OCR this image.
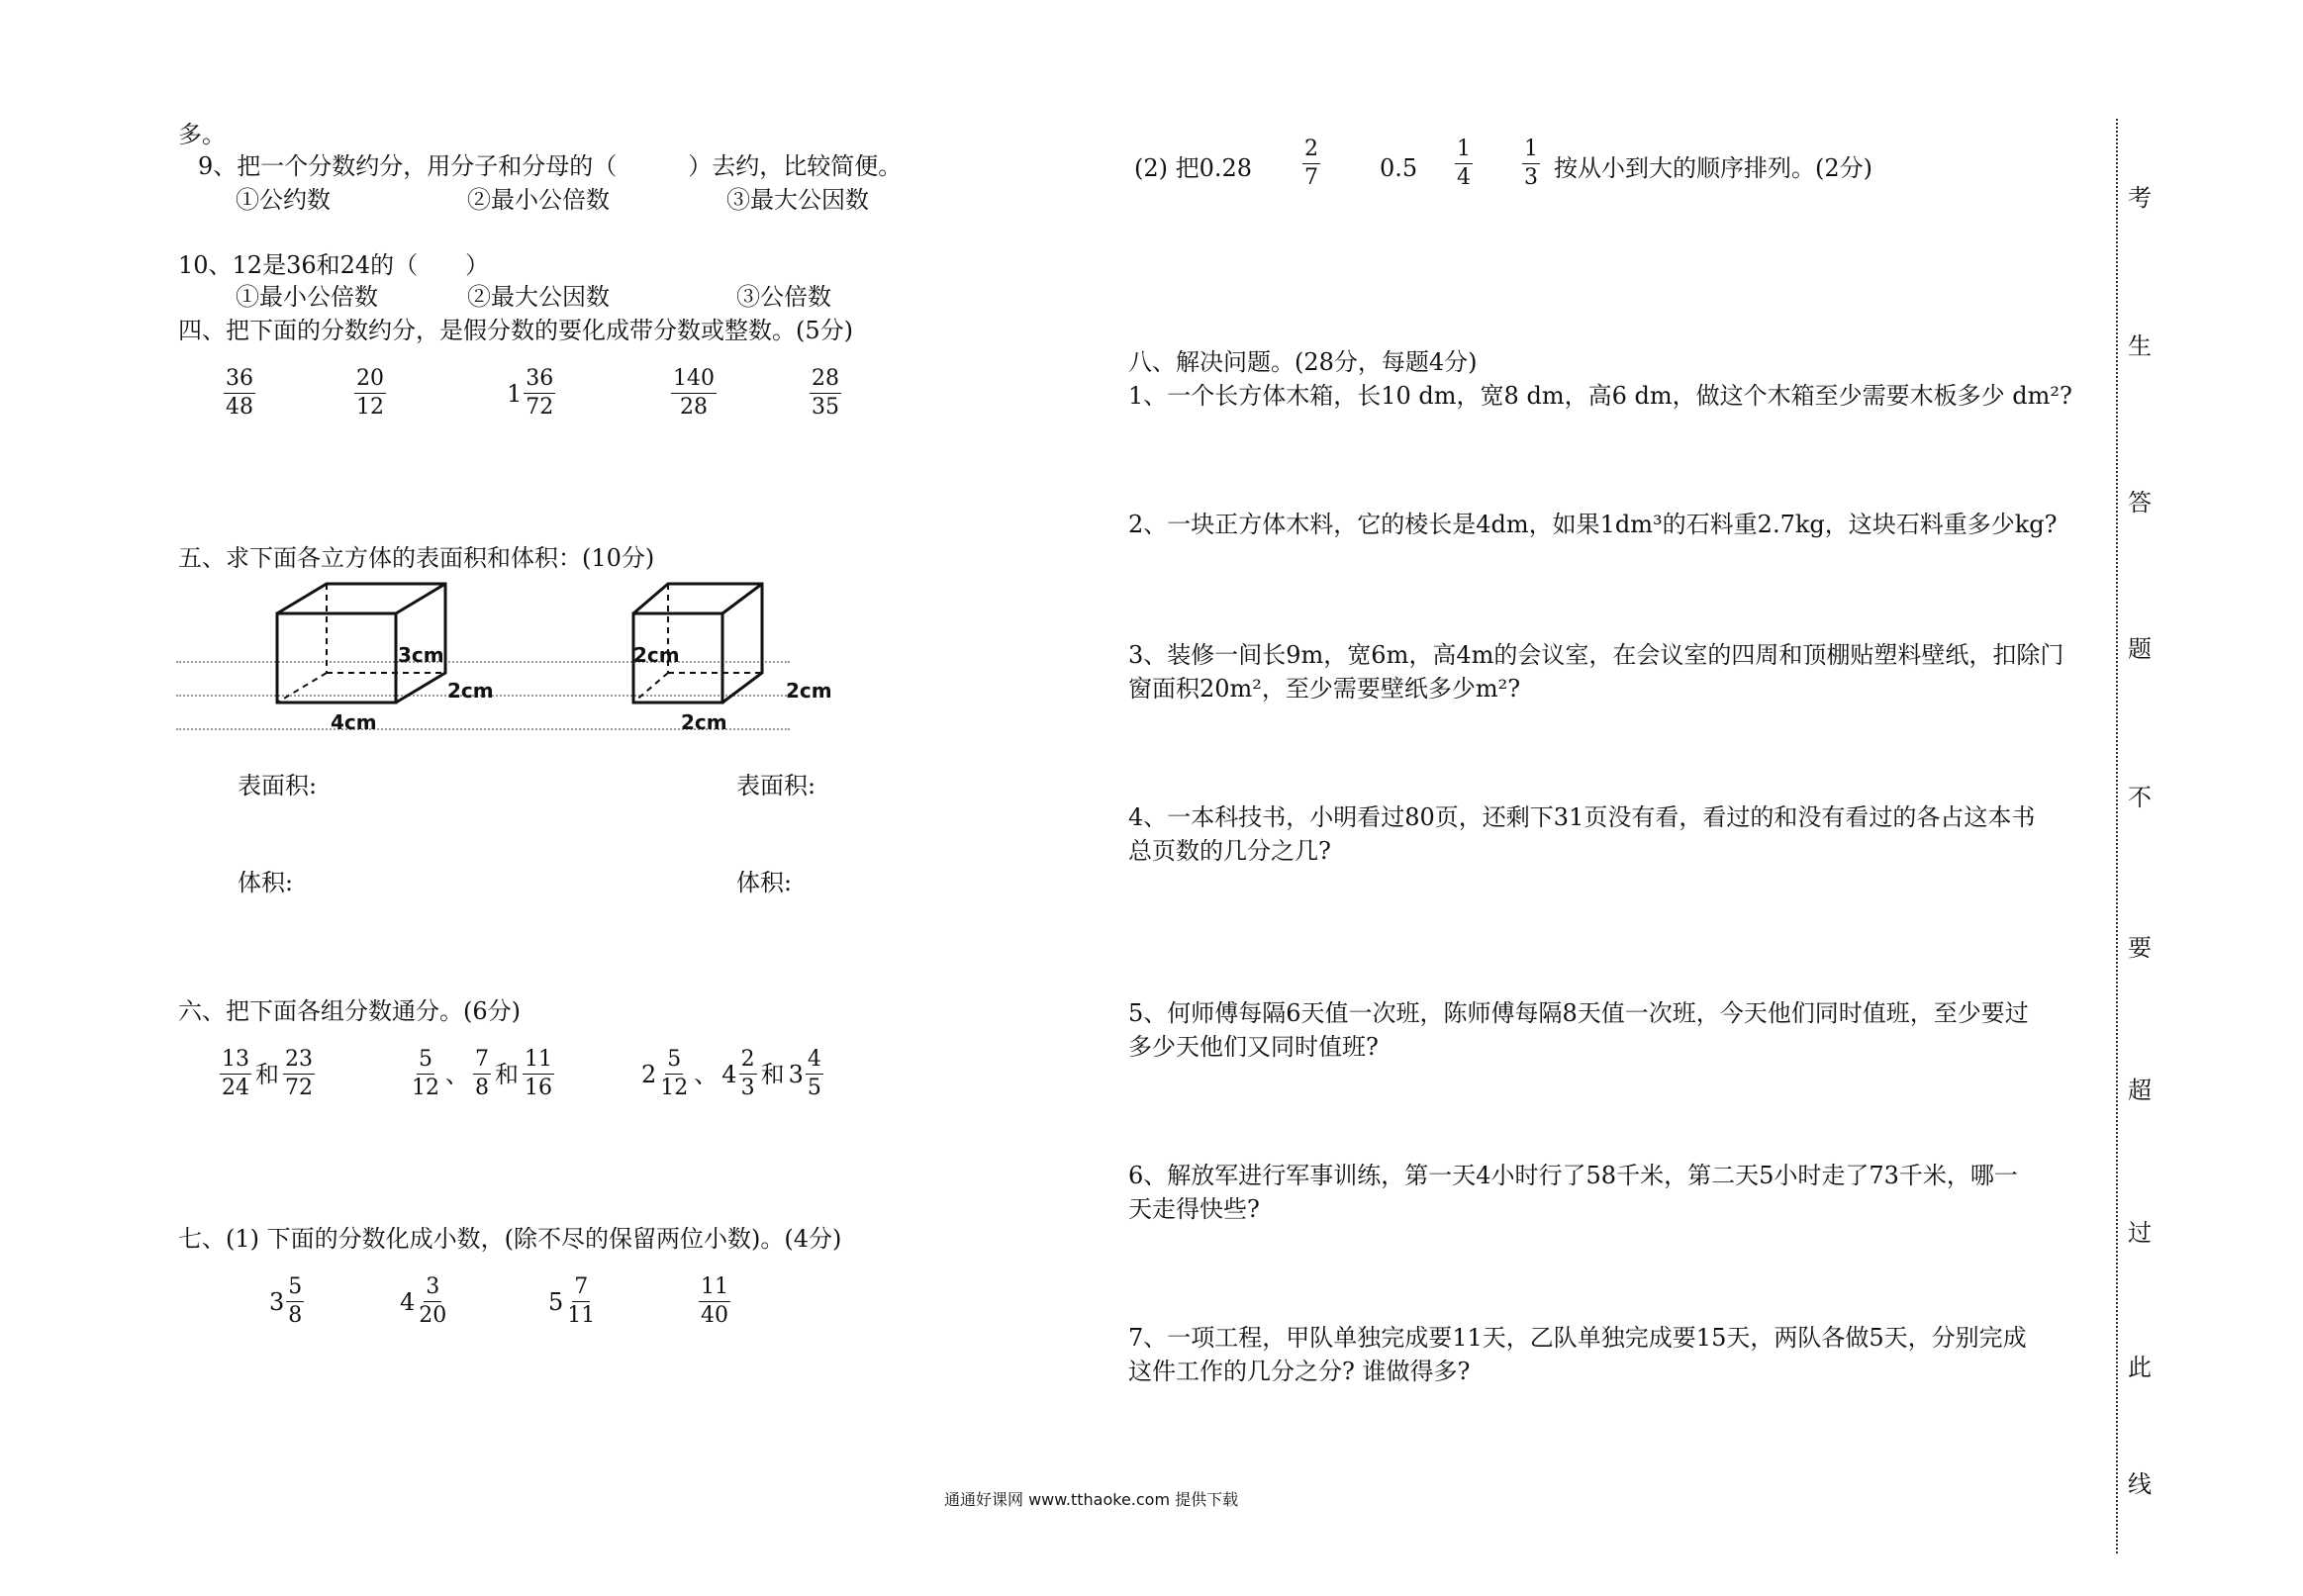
多。
9、把一个分数约分，用分子和分母的（　　　）去约，比较简便。
①公约数	②最小公倍数	③最大公因数
10、12是36和24的（　　）
①最小公倍数	②最大公因数	③公倍数
四、把下面的分数约分，是假分数的要化成带分数或整数。(5分)
$\frac{36}{48}$	$\frac{20}{12}$	$1 \frac{36}{72}$	$\frac{140}{28}$	$\frac{28}{35}$
五、求下面各立方体的表面积和体积：(10分)
3cm
2cm
4cm
2cm
2cm
2cm
表面积:	表面积:
体积:	体积:
六、把下面各组分数通分。(6分)
$\frac{13}{24}$ 和 $\frac{23}{72}$	$\frac{5}{12}$ 、 $\frac{7}{8}$ 和 $\frac{11}{16}$	$2 \frac{5}{12}$ 、 $4 \frac{2}{3}$ 和 $3 \frac{4}{5}$
七、(1) 下面的分数化成小数，(除不尽的保留两位小数)。(4分)
$3 \frac{5}{8}$	$4 \frac{3}{20}$	$5 \frac{7}{11}$	$\frac{11}{40}$
(2) 把$0.28 \frac{2}{7}$	$0.5 \frac{1}{4} \frac{1}{3}$ 按从小到大的顺序排列。(2分)
八、解决问题。(28分，每题4分)
1、一个长方体木箱，长10 dm，宽8 dm，高6 dm，做这个木箱至少需要木板多少 dm²?
2、一块正方体木料，它的棱长是4dm，如果1dm³的石料重2.7kg，这块石料重多少kg?
3、装修一间长9m，宽6m，高4m的会议室，在会议室的四周和顶棚贴塑料壁纸，扣除门
窗面积20m²，至少需要壁纸多少m²?
4、一本科技书，小明看过80页，还剩下31页没有看，看过的和没有看过的各占这本书
总页数的几分之几?
5、何师傅每隔6天值一次班，陈师傅每隔8天值一次班，今天他们同时值班，至少要过
多少天他们又同时值班?
6、解放军进行军事训练，第一天4小时行了58千米，第二天5小时走了73千米，哪一
天走得快些?
7、一项工程，甲队单独完成要11天，乙队单独完成要15天，两队各做5天，分别完成
这件工作的几分之分? 谁做得多?
考
生
答
题
不
要
超
过
此
线
通通好课网 www.tthaoke.com 提供下载
